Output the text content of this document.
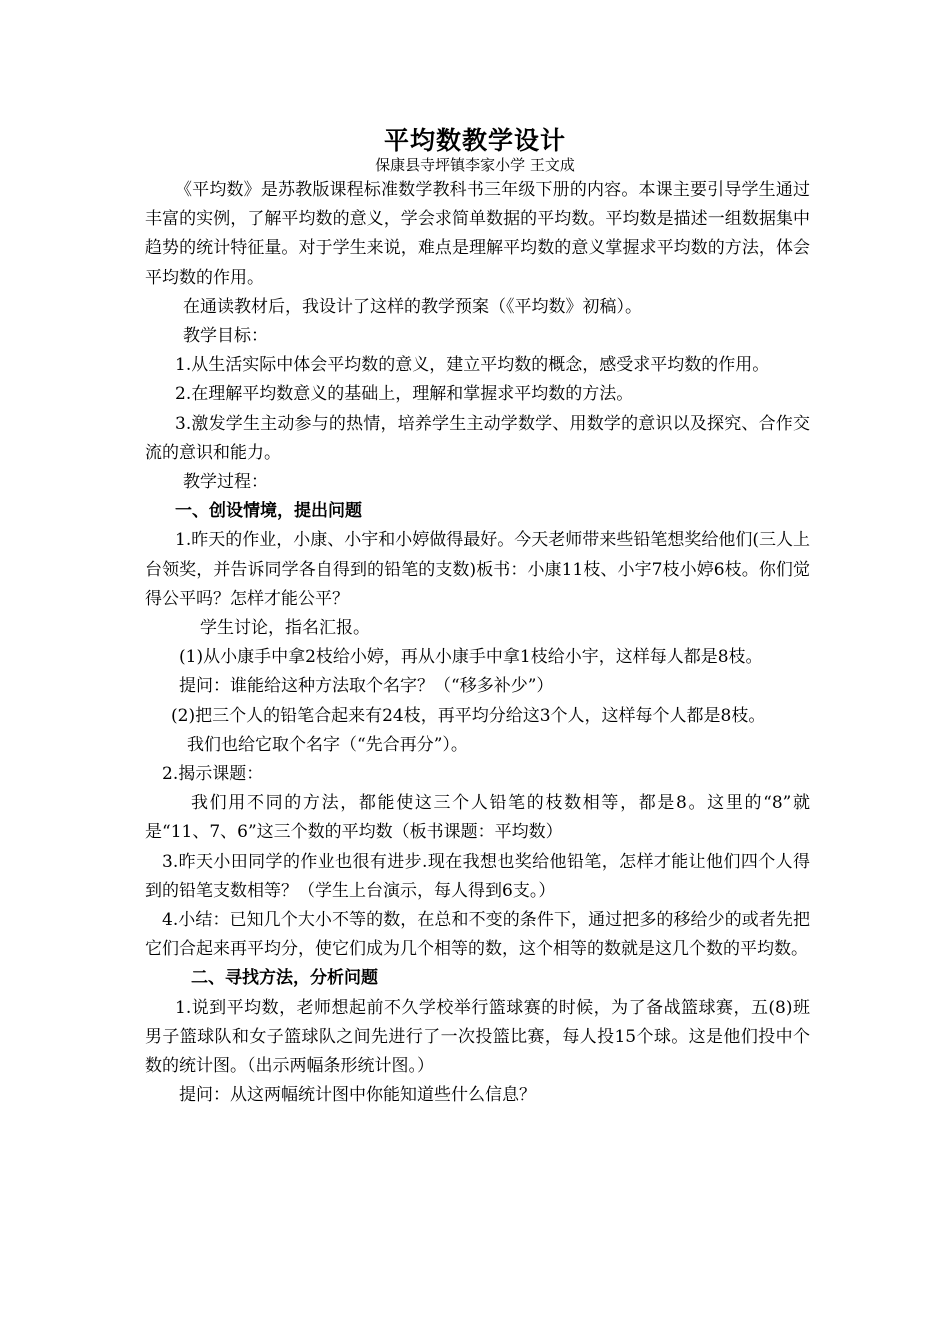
平均数教学设计
保康县寺坪镇李家小学 王文成

《平均数》是苏教版课程标准数学教科书三年级下册的内容。本课主要引导学生通过丰富的实例，了解平均数的意义，学会求简单数据的平均数。平均数是描述一组数据集中趋势的统计特征量。对于学生来说，难点是理解平均数的意义掌握求平均数的方法，体会平均数的作用。

在通读教材后，我设计了这样的教学预案（《平均数》初稿）。

教学目标：

1.从生活实际中体会平均数的意义，建立平均数的概念，感受求平均数的作用。

2.在理解平均数意义的基础上，理解和掌握求平均数的方法。

3.激发学生主动参与的热情，培养学生主动学数学、用数学的意识以及探究、合作交流的意识和能力。

教学过程：

一、创设情境，提出问题

1.昨天的作业，小康、小宇和小婷做得最好。今天老师带来些铅笔想奖给他们(三人上台领奖，并告诉同学各自得到的铅笔的支数)板书：小康11枝、小宇7枝小婷6枝。你们觉得公平吗？怎样才能公平？

学生讨论，指名汇报。

(1)从小康手中拿2枝给小婷，再从小康手中拿1枝给小宇，这样每人都是8枝。

提问：谁能给这种方法取个名字？（“移多补少”）

(2)把三个人的铅笔合起来有24枝，再平均分给这3个人，这样每个人都是8枝。

我们也给它取个名字（“先合再分”）。

2.揭示课题：

我们用不同的方法，都能使这三个人铅笔的枝数相等，都是8。这里的“8”就是“11、7、6”这三个数的平均数（板书课题：平均数）

3.昨天小田同学的作业也很有进步.现在我想也奖给他铅笔，怎样才能让他们四个人得到的铅笔支数相等？（学生上台演示，每人得到6支。）

4.小结：已知几个大小不等的数，在总和不变的条件下，通过把多的移给少的或者先把它们合起来再平均分，使它们成为几个相等的数，这个相等的数就是这几个数的平均数。

二、寻找方法，分析问题

1.说到平均数，老师想起前不久学校举行篮球赛的时候，为了备战篮球赛，五(8)班男子篮球队和女子篮球队之间先进行了一次投篮比赛，每人投15个球。这是他们投中个数的统计图。（出示两幅条形统计图。）

提问：从这两幅统计图中你能知道些什么信息？
